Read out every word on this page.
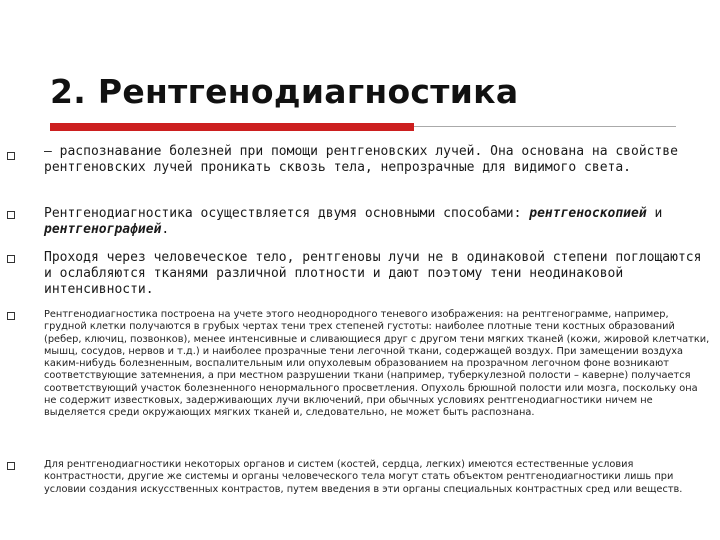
2. Рентгенодиагностика
– распознавание болезней при помощи рентгеновских лучей. Она основана на свойстве рентгеновских лучей проникать сквозь тела, непрозрачные для видимого света.
Рентгенодиагностика осуществляется двумя основными способами: рентгеноскопией и рентгенографией.
Проходя через человеческое тело, рентгеновы лучи не в одинаковой степени поглощаются и ослабляются тканями различной плотности и дают поэтому тени неодинаковой интенсивности.
Рентгенодиагностика построена на учете этого неоднородного теневого изображения: на рентгенограмме, например, грудной клетки получаются в грубых чертах тени трех степеней густоты: наиболее плотные тени костных образований (ребер, ключиц, позвонков), менее интенсивные и сливающиеся друг с другом тени мягких тканей (кожи, жировой клетчатки, мышц, сосудов, нервов и т.д.) и наиболее прозрачные тени легочной ткани, содержащей воздух. При замещении воздуха каким-нибудь болезненным, воспалительным или опухолевым образованием на прозрачном легочном фоне возникают соответствующие затемнения, а при местном разрушении ткани (например, туберкулезной полости – каверне) получается соответствующий участок болезненного ненормального просветления. Опухоль брюшной полости или мозга, поскольку она не содержит известковых, задерживающих лучи включений, при обычных условиях рентгенодиагностики ничем не выделяется среди окружающих мягких тканей и, следовательно, не может быть распознана.
Для рентгенодиагностики некоторых органов и систем (костей, сердца, легких) имеются естественные условия контрастности, другие же системы и органы человеческого тела могут стать объектом рентгенодиагностики лишь при условии создания искусственных контрастов, путем введения в эти органы специальных контрастных сред или веществ.
